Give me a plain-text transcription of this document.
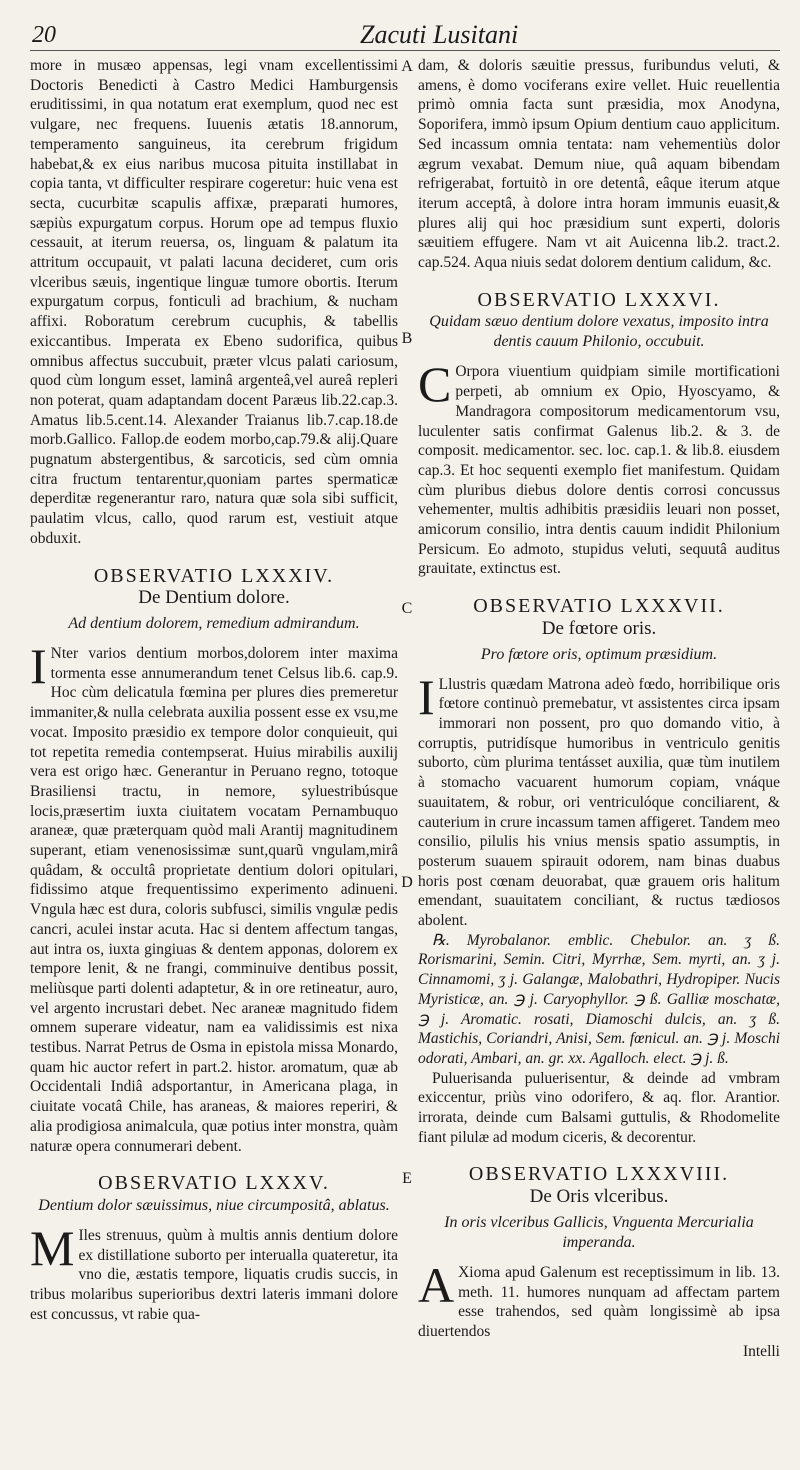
20	Zacuti Lusitani
A
B
C
D
E

more in musæo appensas, legi vnam excellentissimi Doctoris Benedicti à Castro Medici Hamburgensis eruditissimi, in qua notatum erat exemplum, quod nec est vulgare, nec frequens. Iuuenis ætatis 18.annorum, temperamento sanguineus, ita cerebrum frigidum habebat,& ex eius naribus mucosa pituita instillabat in copia tanta, vt difficulter respirare cogeretur: huic vena est secta, cucurbitæ scapulis affixæ, præparati humores, sæpiùs expurgatum corpus. Horum ope ad tempus fluxio cessauit, at iterum reuersa, os, linguam & palatum ita attritum occupauit, vt palati lacuna decideret, cum oris vlceribus sæuis, ingentique linguæ tumore obortis. Iterum expurgatum corpus, fonticuli ad brachium, & nucham affixi. Roboratum cerebrum cucuphis, & tabellis exiccantibus. Imperata ex Ebeno sudorifica, quibus omnibus affectus succubuit, præter vlcus palati cariosum, quod cùm longum esset, laminâ argenteâ,vel aureâ repleri non poterat, quam adaptandam docent Paræus lib.22.cap.3. Amatus lib.5.cent.14. Alexander Traianus lib.7.cap.18.de morb.Gallico. Fallop.de eodem morbo,cap.79.& alij.Quare pugnatum abstergentibus, & sarcoticis, sed cùm omnia citra fructum tentarentur,quoniam partes spermaticæ deperditæ regenerantur raro, natura quæ sola sibi sufficit, paulatim vlcus, callo, quod rarum est, vestiuit atque obduxit.

OBSERVATIO LXXXIV.
De Dentium dolore.
Ad dentium dolorem, remedium admirandum.

I Nter varios dentium morbos,dolorem inter maxima tormenta esse annumerandum tenet Celsus lib.6. cap.9. Hoc cùm delicatula fœmina per plures dies premeretur immaniter,& nulla celebrata auxilia possent esse ex vsu,me vocat. Imposito præsidio ex tempore dolor conquieuit, qui tot repetita remedia contempserat. Huius mirabilis auxilij vera est origo hæc. Generantur in Peruano regno, totoque Brasiliensi tractu, in nemore, syluestribúsque locis,præsertim iuxta ciuitatem vocatam Pernambuquo araneæ, quæ præterquam quòd mali Arantij magnitudinem superant, etiam venenosissimæ sunt,quarũ vngulam,mirâ quâdam, & occultâ proprietate dentium dolori opitulari, fidissimo atque frequentissimo experimento adinueni. Vngula hæc est dura, coloris subfusci, similis vngulæ pedis cancri, aculei instar acuta. Hac si dentem affectum tangas, aut intra os, iuxta gingiuas & dentem apponas, dolorem ex tempore lenit, & ne frangi, comminuive dentibus possit, meliùsque parti dolenti adaptetur, & in ore retineatur, auro, vel argento incrustari debet. Nec araneæ magnitudo fidem omnem superare videatur, nam ea validissimis est nixa testibus. Narrat Petrus de Osma in epistola missa Monardo, quam hic auctor refert in part.2. histor. aromatum, quæ ab Occidentali Indiâ adsportantur, in Americana plaga, in ciuitate vocatâ Chile, has araneas, & maiores reperiri, & alia prodigiosa animalcula, quæ potius inter monstra, quàm naturæ opera connumerari debent.

OBSERVATIO LXXXV.
Dentium dolor sæuissimus, niue circumpositâ, ablatus.

M Iles strenuus, quùm à multis annis dentium dolore ex distillatione suborto per interualla quateretur, ita vno die, æstatis tempore, liquatis crudis succis, in tribus molaribus superioribus dextri lateris immani dolore est concussus, vt rabie qua-

dam, & doloris sæuitie pressus, furibundus veluti, & amens, è domo vociferans exire vellet. Huic reuellentia primò omnia facta sunt præsidia, mox Anodyna, Soporifera, immò ipsum Opium dentium cauo applicitum. Sed incassum omnia tentata: nam vehementiùs dolor ægrum vexabat. Demum niue, quâ aquam bibendam refrigerabat, fortuitò in ore detentâ, eâque iterum atque iterum acceptâ, à dolore intra horam immunis euasit,& plures alij qui hoc præsidium sunt experti, doloris sæuitiem effugere. Nam vt ait Auicenna lib.2. tract.2. cap.524. Aqua niuis sedat dolorem dentium calidum, &c.

OBSERVATIO LXXXVI.
Quidam sæuo dentium dolore vexatus, imposito intra dentis cauum Philonio, occubuit.

C Orpora viuentium quidpiam simile mortificationi perpeti, ab omnium ex Opio, Hyoscyamo, & Mandragora compositorum medicamentorum vsu, luculenter satis confirmat Galenus lib.2. & 3. de composit. medicamentor. sec. loc. cap.1. & lib.8. eiusdem cap.3. Et hoc sequenti exemplo fiet manifestum. Quidam cùm pluribus diebus dolore dentis corrosi concussus vehementer, multis adhibitis præsidiis leuari non posset, amicorum consilio, intra dentis cauum indidit Philonium Persicum. Eo admoto, stupidus veluti, sequutâ auditus grauitate, extinctus est.

OBSERVATIO LXXXVII.
De fœtore oris.
Pro fœtore oris, optimum præsidium.

I Llustris quædam Matrona adeò fœdo, horribilique oris fœtore continuò premebatur, vt assistentes circa ipsam immorari non possent, pro quo domando vitio, à corruptis, putridísque humoribus in ventriculo genitis suborto, cùm plurima tentásset auxilia, quæ tùm inutilem à stomacho vacuarent humorum copiam, vnáque suauitatem, & robur, ori ventriculóque conciliarent, & cauterium in crure incassum tamen affigeret. Tandem meo consilio, pilulis his vnius mensis spatio assumptis, in posterum suauem spirauit odorem, nam binas duabus horis post cœnam deuorabat, quæ grauem oris halitum emendant, suauitatem conciliant, & ructus tædiosos abolent.

℞. Myrobalanor. emblic. Chebulor. an. ʒ ß. Rorismarini, Semin. Citri, Myrrhæ, Sem. myrti, an. ʒ j. Cinnamomi, ʒ j. Galangæ, Malobathri, Hydropiper. Nucis Myristicæ, an. ℈ j. Caryophyllor. ℈ ß. Galliæ moschatæ, ℈ j. Aromatic. rosati, Diamoschi dulcis, an. ʒ ß. Mastichis, Coriandri, Anisi, Sem. fœnicul. an. ℈ j. Moschi odorati, Ambari, an. gr. xx. Agalloch. elect. ℈ j. ß.

Puluerisanda puluerisentur, & deinde ad vmbram exiccentur, priùs vino odorifero, & aq. flor. Arantior. irrorata, deinde cum Balsami guttulis, & Rhodomelite fiant pilulæ ad modum ciceris, & decorentur.

OBSERVATIO LXXXVIII.
De Oris vlceribus.
In oris vlceribus Gallicis, Vnguenta Mercurialia imperanda.

A Xioma apud Galenum est receptissimum in lib. 13. meth. 11. humores nunquam ad affectam partem esse trahendos, sed quàm longissimè ab ipsa diuertendos

Intelli
